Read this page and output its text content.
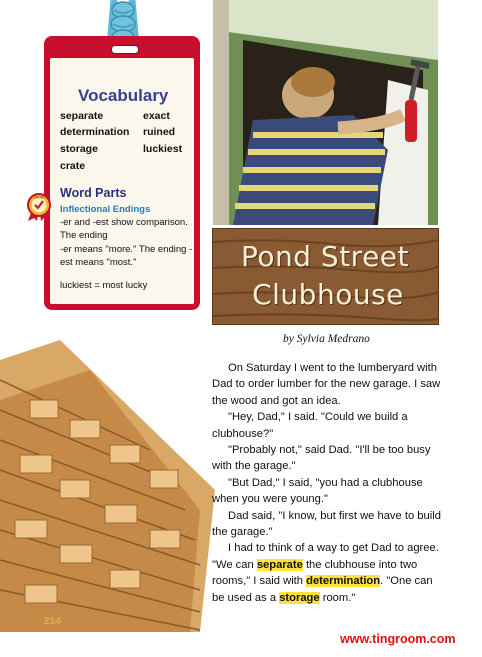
Vocabulary
separate
determination
storage
crate
exact
ruined
luckiest
Skills Word Parts
Inflectional Endings

-er and -est show comparison. The ending

-er means "more." The ending -est means "most."

luckiest = most lucky
Pond Street
Clubhouse
by Sylvia Medrano
214

On Saturday I went to the lumberyard with Dad to order lumber for the new garage. I saw the wood and got an idea.

"Hey, Dad," I said. "Could we build a clubhouse?"

"Probably not," said Dad. "I'll be too busy with the garage."

"But Dad," I said, "you had a clubhouse when you were young."

Dad said, "I know, but first we have to build the garage."

I had to think of a way to get Dad to agree. "We can separate the clubhouse into two rooms," I said with determination. "One can be used as a storage room."

www.tingroom.com
